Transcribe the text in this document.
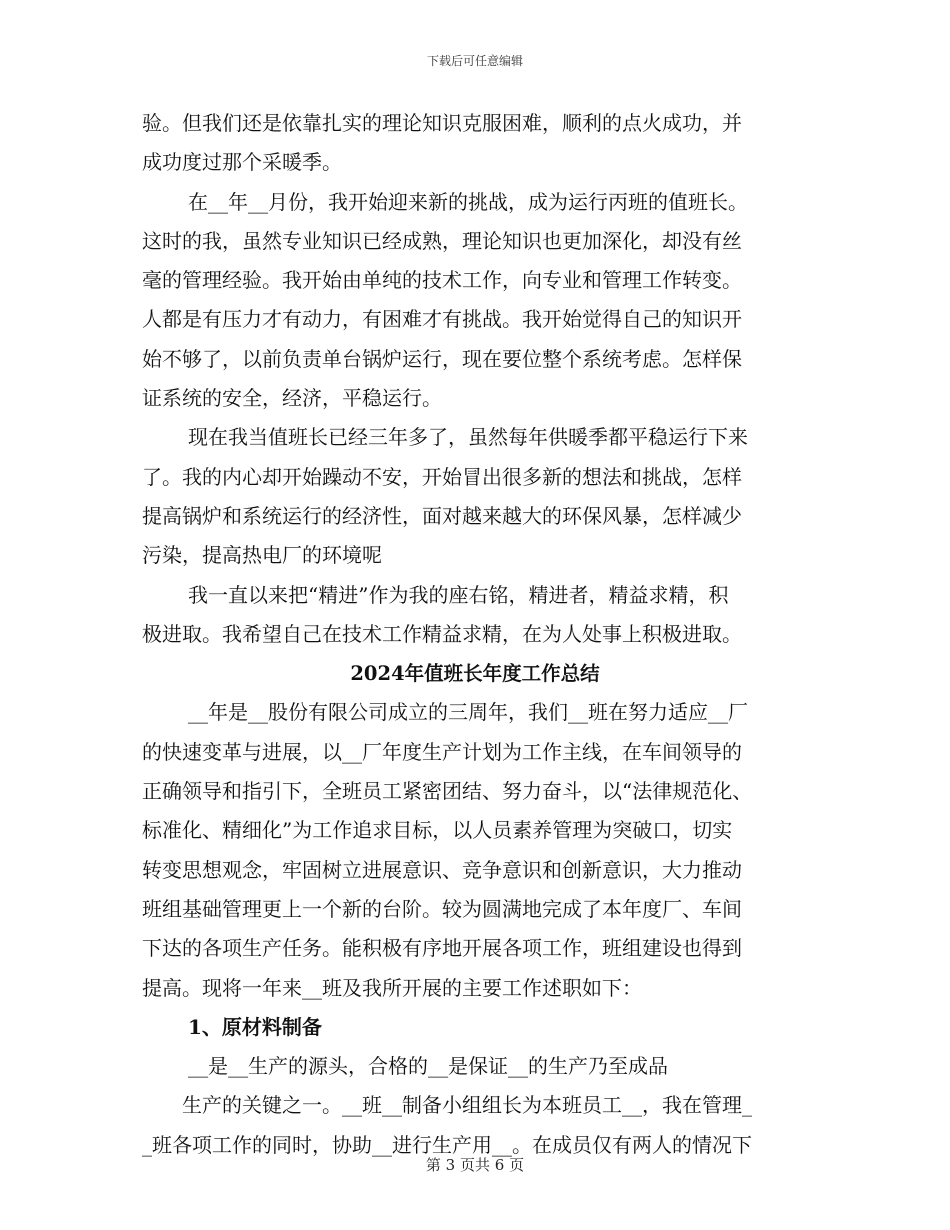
下载后可任意编辑
验。但我们还是依靠扎实的理论知识克服困难，顺利的点火成功，并
成功度过那个采暖季。
在__年__月份，我开始迎来新的挑战，成为运行丙班的值班长。
这时的我，虽然专业知识已经成熟，理论知识也更加深化，却没有丝
毫的管理经验。我开始由单纯的技术工作，向专业和管理工作转变。
人都是有压力才有动力，有困难才有挑战。我开始觉得自己的知识开
始不够了，以前负责单台锅炉运行，现在要位整个系统考虑。怎样保
证系统的安全，经济，平稳运行。
现在我当值班长已经三年多了，虽然每年供暖季都平稳运行下来
了。我的内心却开始躁动不安，开始冒出很多新的想法和挑战，怎样
提高锅炉和系统运行的经济性，面对越来越大的环保风暴，怎样减少
污染，提高热电厂的环境呢
我一直以来把“精进”作为我的座右铭，精进者，精益求精，积
极进取。我希望自己在技术工作精益求精，在为人处事上积极进取。
2024年值班长年度工作总结
__年是__股份有限公司成立的三周年，我们__班在努力适应__厂
的快速变革与进展，以__厂年度生产计划为工作主线，在车间领导的
正确领导和指引下，全班员工紧密团结、努力奋斗，以“法律规范化、
标准化、精细化”为工作追求目标，以人员素养管理为突破口，切实
转变思想观念，牢固树立进展意识、竞争意识和创新意识，大力推动
班组基础管理更上一个新的台阶。较为圆满地完成了本年度厂、车间
下达的各项生产任务。能积极有序地开展各项工作，班组建设也得到
提高。现将一年来__班及我所开展的主要工作述职如下：
1、原材料制备
__是__生产的源头，合格的__是保证__的生产乃至成品
生产的关键之一。__班__制备小组组长为本班员工__，我在管理_
_班各项工作的同时，协助__进行生产用__。在成员仅有两人的情况下
第 3 页共 6 页
